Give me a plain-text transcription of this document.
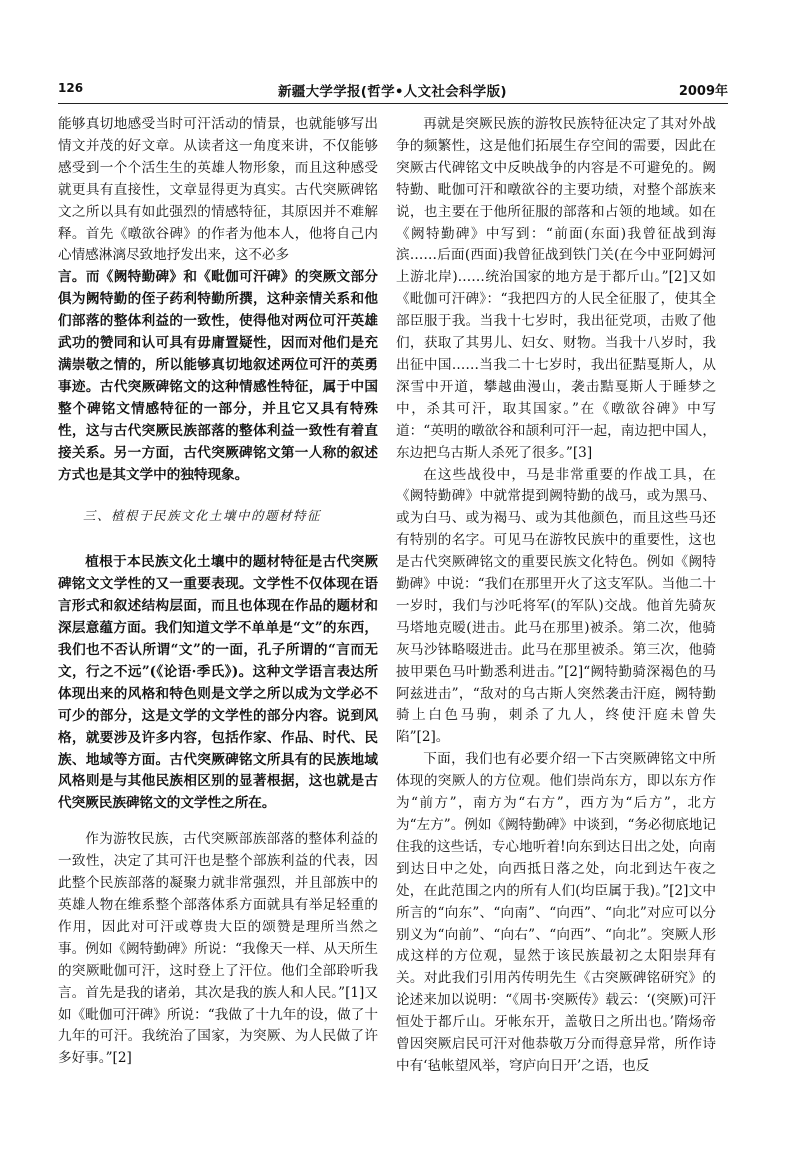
126	新疆大学学报(哲学•人文社会科学版)	2009年

能够真切地感受当时可汗活动的情景，也就能够写出情文并茂的好文章。从读者这一角度来讲，不仅能够感受到一个个活生生的英雄人物形象，而且这种感受就更具有直接性，文章显得更为真实。古代突厥碑铭文之所以具有如此强烈的情感特征，其原因并不难解释。首先《暾欲谷碑》的作者为他本人，他将自己内心情感淋漓尽致地抒发出来，这不必多

言。而《阙特勤碑》和《毗伽可汗碑》的突厥文部分俱为阙特勤的侄子药利特勤所撰，这种亲情关系和他们部落的整体利益的一致性，使得他对两位可汗英雄武功的赞同和认可具有毋庸置疑性，因而对他们是充满崇敬之情的，所以能够真切地叙述两位可汗的英勇事迹。古代突厥碑铭文的这种情感性特征，属于中国整个碑铭文情感特征的一部分，并且它又具有特殊性，这与古代突厥民族部落的整体利益一致性有着直接关系。另一方面，古代突厥碑铭文第一人称的叙述方式也是其文学中的独特现象。

三、植根于民族文化土壤中的题材特征

植根于本民族文化土壤中的题材特征是古代突厥碑铭文文学性的又一重要表现。文学性不仅体现在语言形式和叙述结构层面，而且也体现在作品的题材和深层意蕴方面。我们知道文学不单单是“文”的东西，我们也不否认所谓“文”的一面，孔子所谓的“言而无文，行之不远”(《论语·季氏》)。这种文学语言表达所体现出来的风格和特色则是文学之所以成为文学必不可少的部分，这是文学的文学性的部分内容。说到风格，就要涉及许多内容，包括作家、作品、时代、民族、地域等方面。古代突厥碑铭文所具有的民族地域风格则是与其他民族相区别的显著根据，这也就是古代突厥民族碑铭文的文学性之所在。

作为游牧民族，古代突厥部族部落的整体利益的一致性，决定了其可汗也是整个部族利益的代表，因此整个民族部落的凝聚力就非常强烈，并且部族中的英雄人物在维系整个部落体系方面就具有举足轻重的作用，因此对可汗或尊贵大臣的颂赞是理所当然之事。例如《阙特勤碑》所说：“我像天一样、从天所生的突厥毗伽可汗，这时登上了汗位。他们全部聆听我言。首先是我的诸弟，其次是我的族人和人民。”[1]又如《毗伽可汗碑》所说：“我做了十九年的设，做了十九年的可汗。我统治了国家，为突厥、为人民做了许多好事。”[2]

再就是突厥民族的游牧民族特征决定了其对外战争的频繁性，这是他们拓展生存空间的需要，因此在突厥古代碑铭文中反映战争的内容是不可避免的。阙特勤、毗伽可汗和暾欲谷的主要功绩，对整个部族来说，也主要在于他所征服的部落和占领的地域。如在《阙特勤碑》中写到：“前面(东面)我曾征战到海滨……后面(西面)我曾征战到铁门关(在今中亚阿姆河上游北岸)……统治国家的地方是于都斤山。”[2]又如《毗伽可汗碑》：“我把四方的人民全征服了，使其全部臣服于我。当我十七岁时，我出征党项，击败了他们，获取了其男儿、妇女、财物。当我十八岁时，我出征中国……当我二十七岁时，我出征黠戛斯人，从深雪中开道，攀越曲漫山，袭击黠戛斯人于睡梦之中，杀其可汗，取其国家。”在《暾欲谷碑》中写道：“英明的暾欲谷和颉利可汗一起，南边把中国人，东边把乌古斯人杀死了很多。”[3]

在这些战役中，马是非常重要的作战工具，在《阙特勤碑》中就常提到阙特勤的战马，或为黑马、或为白马、或为褐马、或为其他颜色，而且这些马还有特别的名字。可见马在游牧民族中的重要性，这也是古代突厥碑铭文的重要民族文化特色。例如《阙特勤碑》中说：“我们在那里开火了这支军队。当他二十一岁时，我们与沙吒将军(的军队)交战。他首先骑灰马塔地克暧(进击。此马在那里)被杀。第二次，他骑灰马沙钵略啜进击。此马在那里被杀。第三次，他骑披甲栗色马叶勤悉利进击。”[2]“阙特勤骑深褐色的马阿兹进击”，“敌对的乌古斯人突然袭击汗庭，阙特勤骑上白色马驹，刺杀了九人，终使汗庭未曾失陷”[2]。

下面，我们也有必要介绍一下古突厥碑铭文中所体现的突厥人的方位观。他们崇尚东方，即以东方作为“前方”，南方为“右方”，西方为“后方”，北方为“左方”。例如《阙特勤碑》中谈到，“务必彻底地记住我的这些话，专心地听着!向东到达日出之处，向南到达日中之处，向西抵日落之处，向北到达午夜之处，在此范围之内的所有人们(均臣属于我)。”[2]文中所言的“向东”、“向南”、“向西”、“向北”对应可以分别义为“向前”、“向右”、“向西”、“向北”。突厥人形成这样的方位观，显然于该民族最初之太阳崇拜有关。对此我们引用芮传明先生《古突厥碑铭研究》的论述来加以说明：“《周书·突厥传》载云：‘(突厥)可汗恒处于都斤山。牙帐东开，盖敬日之所出也。’隋炀帝曾因突厥启民可汗对他恭敬万分而得意异常，所作诗中有‘毡帐望风举，穹庐向日开’之语，也反
